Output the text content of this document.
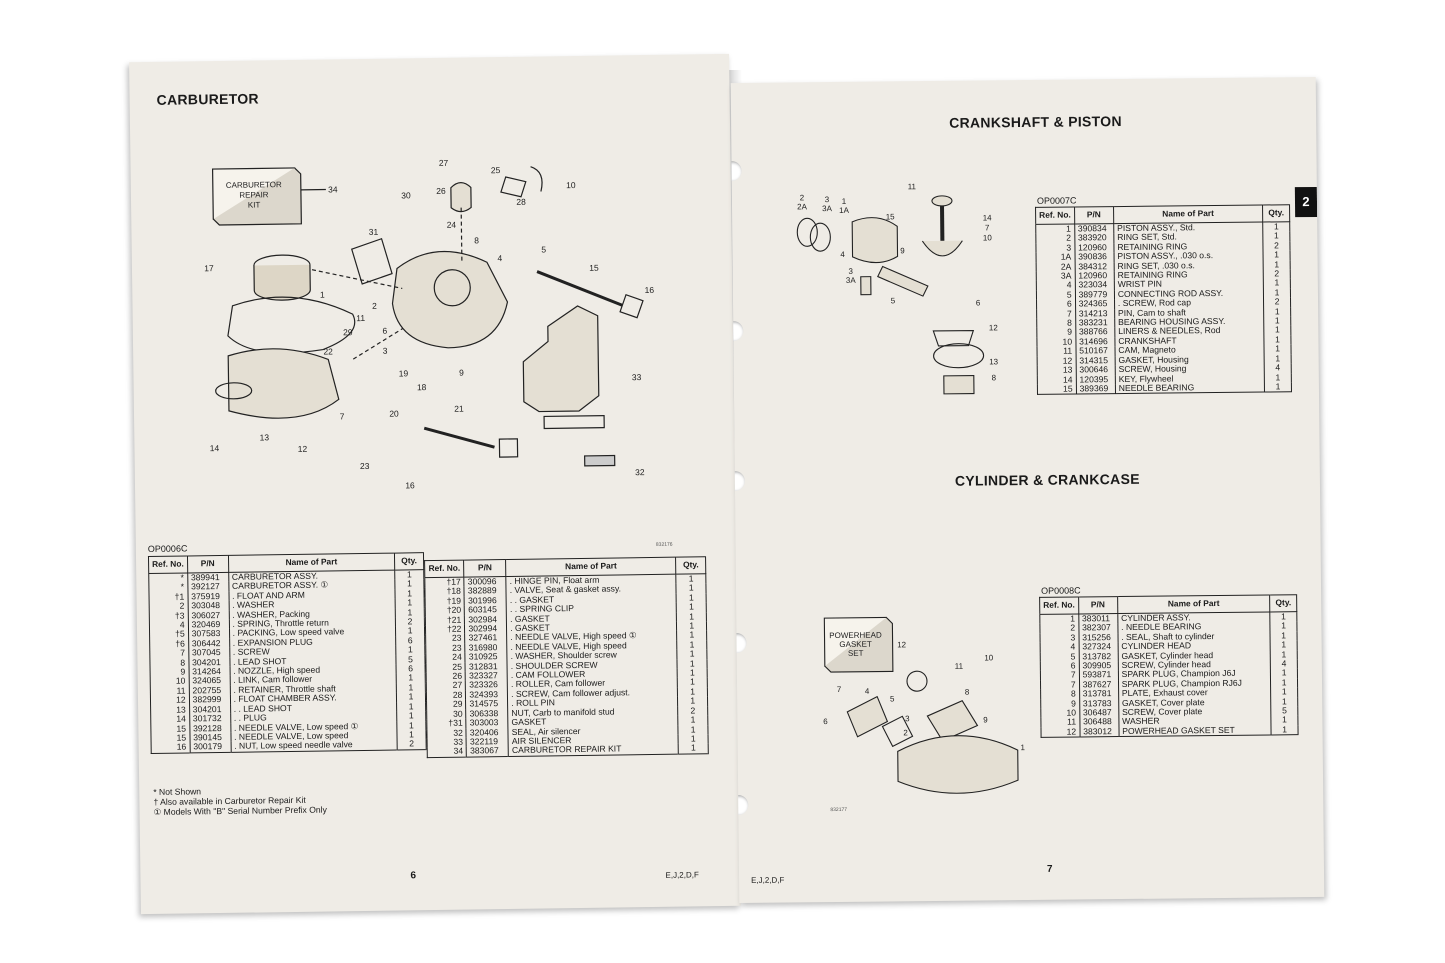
CARBURETOR
CARBURETOR
REPAIR
KIT
34
27
25
10
30	26
24
28
8
31
4
5
15
17
1
11
2
6
3
16
29
22
19
18
9	33
7	20	21
13
12
14
23
32
16
832176
OP0006C
Ref. No.	P/N	Name of Part	Qty.
*	389941	CARBURETOR ASSY.	1
*	392127	CARBURETOR ASSY. ①	1
†1	375919	. FLOAT AND ARM	1
2	303048	. WASHER	1
†3	306027	. WASHER, Packing	1
4	320469	. SPRING, Throttle return	2
†5	307583	. PACKING, Low speed valve	1
†6	306442	. EXPANSION PLUG	6
7	307045	. SCREW	1
8	304201	. LEAD SHOT	5
9	314264	. NOZZLE, High speed	6
10	324065	. LINK, Cam follower	1
11	202755	. RETAINER, Throttle shaft	1
12	382999	. FLOAT CHAMBER ASSY.	1
13	304201	. . LEAD SHOT	1
14	301732	. . PLUG	1
15	392128	. NEEDLE VALVE, Low speed ①	1
15	390145	. NEEDLE VALVE, Low speed	1
16	300179	. NUT, Low speed needle valve	2
Ref. No.	P/N	Name of Part	Qty.
†17	300096	. HINGE PIN, Float arm	1
†18	382889	. VALVE, Seat & gasket assy.	1
†19	301996	. . GASKET	1
†20	603145	. . SPRING CLIP	1
†21	302984	. GASKET	1
†22	302994	. GASKET	1
23	327461	. NEEDLE VALVE, High speed ①	1
23	316980	. NEEDLE VALVE, High speed	1
24	310925	. WASHER, Shoulder screw	1
25	312831	. SHOULDER SCREW	1
26	323327	. CAM FOLLOWER	1
27	323326	. ROLLER, Cam follower	1
28	324393	. SCREW, Cam follower adjust.	1
29	314575	. ROLL PIN	1
30	306338	NUT, Carb to manifold stud	2
†31	303003	GASKET	1
32	320406	SEAL, Air silencer	1
33	322119	AIR SILENCER	1
34	383067	CARBURETOR REPAIR KIT	1
* Not Shown
† Also available in Carburetor Repair Kit
① Models With "B" Serial Number Prefix Only
6	E,J,2,D,F
2
CRANKSHAFT & PISTON
2
2A
3
3A
1
1A
11
14
7
10
15
4	9
3
3A
5	6
12
13
8
OP0007C
Ref. No.	P/N	Name of Part	Qty.
1	390834	PISTON ASSY., Std.	1
2	383920	RING SET, Std.	1
3	120960	RETAINING RING	2
1A	390836	PISTON ASSY., .030 o.s.	1
2A	384312	RING SET, .030 o.s.	1
3A	120960	RETAINING RING	2
4	323034	WRIST PIN	1
5	389779	CONNECTING ROD ASSY.	1
6	324365	. SCREW, Rod cap	2
7	314213	PIN, Cam to shaft	1
8	383231	BEARING HOUSING ASSY.	1
9	388766	LINERS & NEEDLES, Rod	1
10	314696	CRANKSHAFT	1
11	510167	CAM, Magneto	1
12	314315	GASKET, Housing	1
13	300646	SCREW, Housing	4
14	120395	KEY, Flywheel	1
15	389369	NEEDLE BEARING	1
CYLINDER & CRANKCASE
POWERHEAD
GASKET
SET
12
10
11
7	4
5
6	3
2
8
9
1
832177
OP0008C
Ref. No.	P/N	Name of Part	Qty.
1	383011	CYLINDER ASSY.	1
2	382307	. NEEDLE BEARING	1
3	315256	. SEAL, Shaft to cylinder	1
4	327324	CYLINDER HEAD	1
5	313782	GASKET, Cylinder head	1
6	309905	SCREW, Cylinder head	4
7	593871	SPARK PLUG, Champion J6J	1
7	387627	SPARK PLUG, Champion RJ6J	1
8	313781	PLATE, Exhaust cover	1
9	313783	GASKET, Cover plate	1
10	306487	SCREW, Cover plate	5
11	306488	WASHER	1
12	383012	POWERHEAD GASKET SET	1
E,J,2,D,F
7
